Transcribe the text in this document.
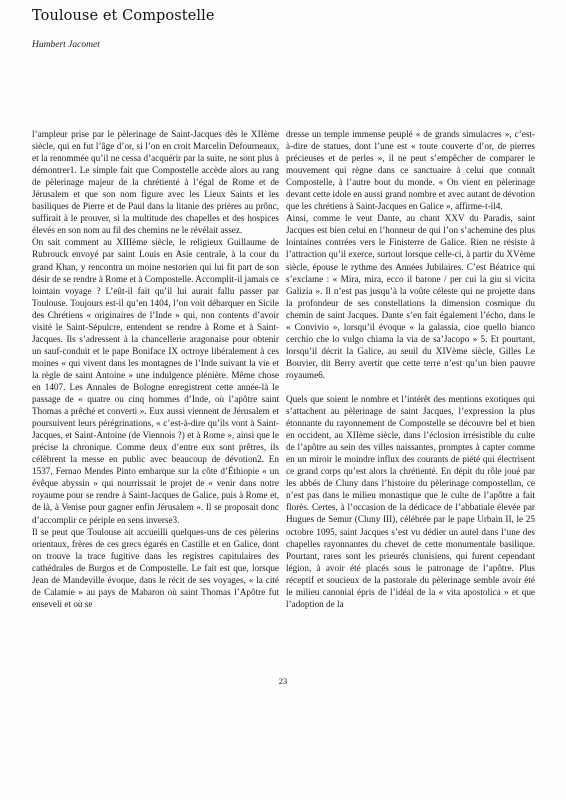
Toulouse et Compostelle
Humbert Jacomet

l’ampleur prise par le pèlerinage de Saint-Jacques dès le XIIème siècle, qui en fut l’âge d’or, si l’on en croit Marcelin Defourneaux, et la renommée qu’il ne cessa d’acquérir par la suite, ne sont plus à démontrer1. Le simple fait que Compostelle accède alors au rang de pèlerinage majeur de la chrétienté à l’égal de Rome et de Jérusalem et que son nom figure avec les Lieux Saints et les basiliques de Pierre et de Paul dans la litanie des prières au prônc, suffirait à le prouver, si la multitude des chapelles et des hospices élevés en son nom au fil des chemins ne le révélait assez.

On sait comment au XIIIème siècle, le religieux Guillaume de Rubrouck envoyé par saint Louis en Asie centrale, à la cour du grand Khan, y rencontra un moine nestorien qui lui fit part de son désir de se rendre à Rome et à Compostelle. Accomplit-il jamais ce lointain voyage ? L’eût-il fait qu’il lui aurait fallu passer par Toulouse. Toujours est-il qu’en 1404, l’on voit débarquer en Sicile des Chrétiens « originaires de l’Inde » qui, non contents d’avoir visité le Saint-Sépulcre, entendent se rendre à Rome et à Saint-Jacques. Ils s’adressent à la chancellerie aragonaise pour obtenir un sauf-conduit et le pape Boniface IX octroye libéralement à ces moines « qui vivent dans les montagnes de l’Inde suivant la vie et la règle de saint Antoine » une indulgence plénière. Même chose en 1407. Les Annales de Bologne enregistrent cette année-là le passage de « quatre ou cinq hommes d’Inde, où l’apôtre saint Thomas a prêché et converti ». Eux aussi viennent de Jérusalem et poursuivent leurs pérégrinations, « c’est-à-dire qu’ils vont à Saint-Jacques, et Saint-Antoine (de Viennois ?) et à Rome », ainsi que le précise la chronique. Comme deux d’entre eux sont prêtres, ils célèbrent la messe en public avec beaucoup de dévotion2. En 1537, Fernao Mendes Pinto embarque sur la côte d’Éthiopie « un évêque abyssin » qui nourrissait le projet de « venir dans notre royaume pour se rendre à Saint-Jacques de Galice, puis à Rome et, de là, à Venise pour gagner enfin Jérusalem ». Il se proposait donc d’accomplir ce périple en sens inverse3.

Il se peut que Toulouse ait accueilli quelques-uns de ces pèlerins orientaux, frères de ces grecs égarés en Castille et en Galice, dont on trouve la trace fugitive dans les registres capitulaires des cathédrales de Burgos et de Compostelle. Le fait est que, lorsque Jean de Mandeville évoque, dans le récit de ses voyages, « la cité de Calamie » au pays de Mabaron où saint Thomas l’Apôtre fut enseveli et où se

dresse un temple immense peuplé « de grands simulacres », c’est-à-dire de statues, dont l’une est « toute couverte d’or, de pierres précieuses et de perles », il ne peut s’empêcher de comparer le mouvement qui règne dans ce sanctuaire à celui que connaît Compostelle, à l’autre bout du monde. « On vient en pèlerinage devant cette idole en aussi grand nombre et avec autant de dévotion que les chrétiens à Saint-Jacques en Galice », affirme-t-il4.

Ainsi, comme le veut Dante, au chant XXV du Paradis, saint Jacques est bien celui en l’honneur de qui l’on s’achemine des plus lointaines contrées vers le Finisterre de Galice. Rien ne résiste à l’attraction qu’il exerce, surtout lorsque celle-ci, à partir du XVème siècle, épouse le rythme des Années Jubilaires. C’est Béatrice qui s’exclame : « Mira, mira, ecco il barone / per cui la giu si vicita Galizia ». Il n’est pas jusqu’à la voûte céleste qui ne projette dans la profondeur de ses constellations la dimension cosmique du chemin de saint Jacques. Dante s’en fait également l’écho, dans le « Convivio », lorsqu’il évoque « la galassia, cioe quello bianco cerchio che lo vulgo chiama la via de sa’Jacopo » 5. Et pourtant, lorsqu’il décrit la Galice, au seuil du XIVème siècle, Gilles Le Bouvier, dit Berry avertit que cette terre n’est qu’un bien pauvre royaume6.

Quels que soient le nombre et l’intérêt des mentions exotiques qui s’attachent au pèlerinage de saint Jacques, l’expression la plus étonnante du rayonnement de Compostelle se découvre bel et bien en occident, au XIIème siècle, dans l’éclosion irrésistible du culte de l’apôtre au sein des villes naissantes, promptes à capter comme en un miroir le moindre influx des courants de piété qui électrisent ce grand corps qu’est alors la chrétienté. En dépit du rôle joué par les abbés de Cluny dans l’histoire du pèlerinage compostellan, ce n’est pas dans le milieu monastique que le culte de l’apôtre a fait florès. Certes, à l’occasion de la dédicace de l’abbatiale élevée par Hugues de Semur (Cluny III), célébrée par le pape Urbain II, le 25 octobre 1095, saint Jacques s’est vu dédier un autel dans l’une des chapelles rayonnantes du chevet de cette monumentale basilique. Pourtant, rares sont les prieurés clunisiens, qui furent cependant légion, à avoir été placés sous le patronage de l’apôtre. Plus réceptif et soucieux de la pastorale du pèlerinage semble avoir été le milieu canonial épris de l’idéal de la « vita apostolica » et que l’adoption de la

23
